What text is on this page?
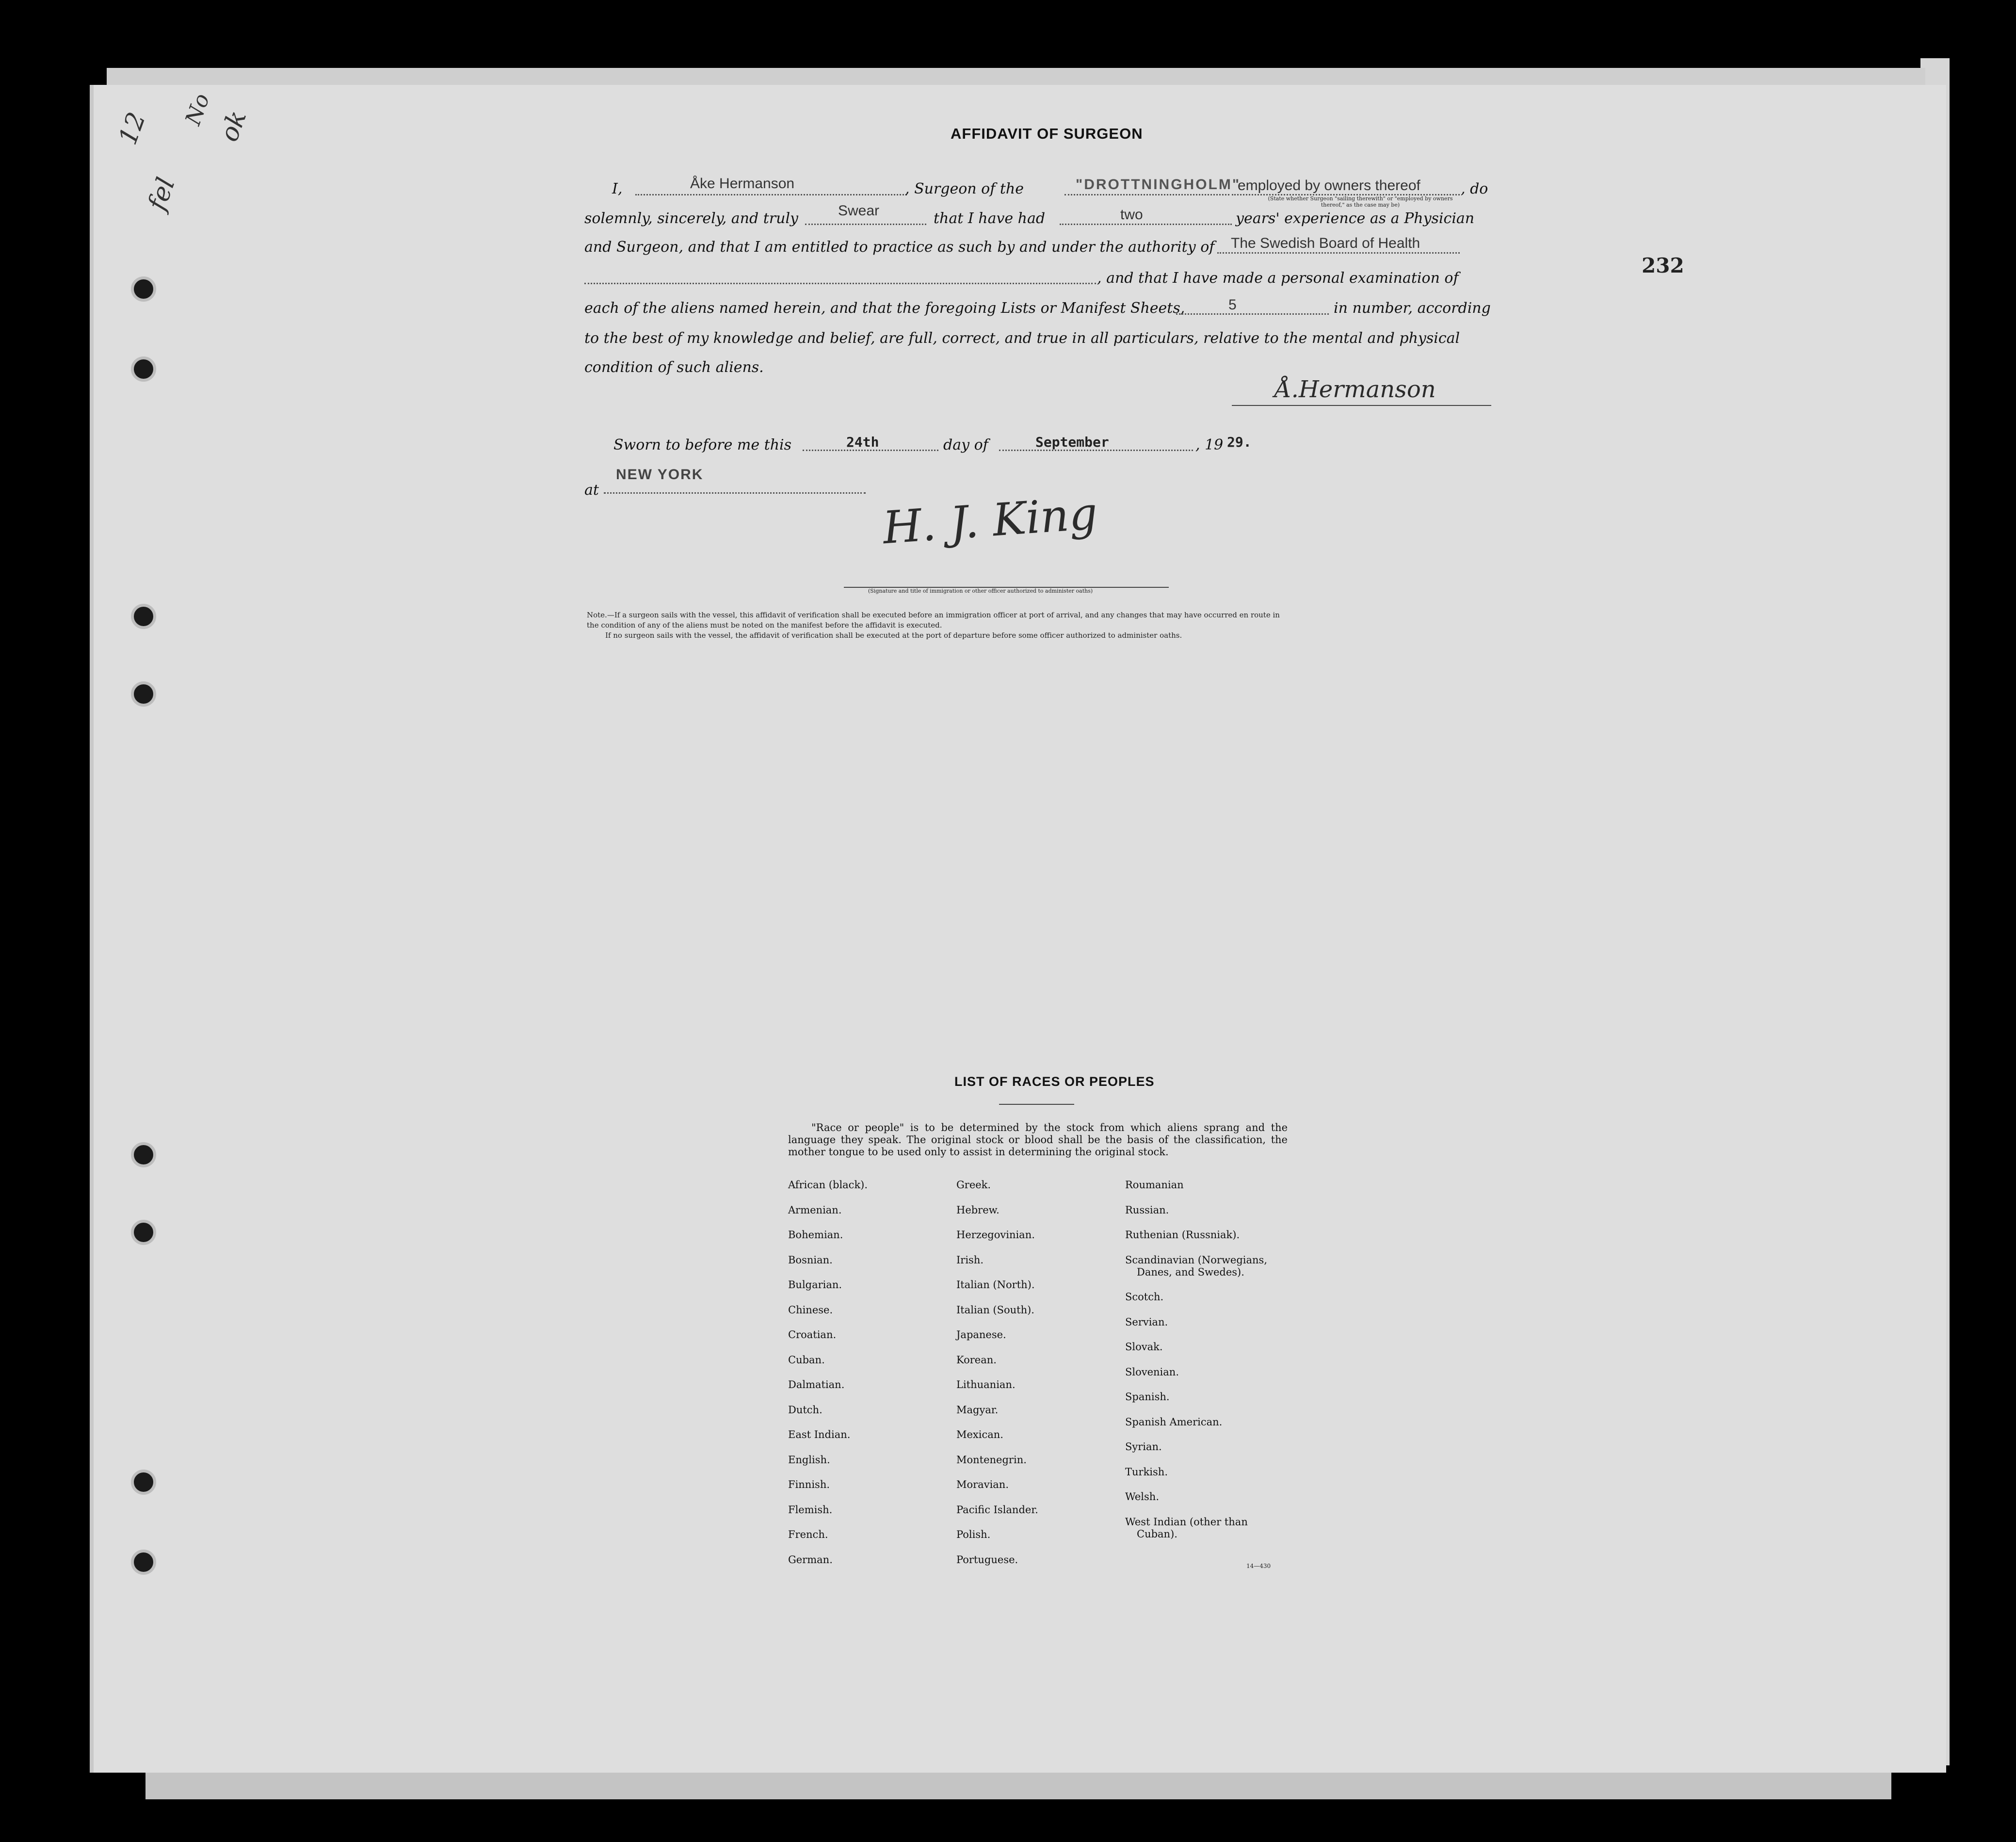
12 No ok
fel
232
AFFIDAVIT OF SURGEON
I,	Åke Hermanson	, Surgeon of the	"DROTTNINGHOLM"
employed by owners thereof	, do
(State whether Surgeon "sailing therewith" or "employed by owners thereof," as the case may be)
solemnly, sincerely, and truly	Swear	that I have had	two	years' experience as a Physician
and Surgeon, and that I am entitled to practice as such by and under the authority of The Swedish Board of Health
, and that I have made a personal examination of
each of the aliens named herein, and that the foregoing Lists or Manifest Sheets,	5	in number, according
to the best of my knowledge and belief, are full, correct, and true in all particulars, relative to the mental and physical
condition of such aliens.
Å.Hermanson
Sworn to before me this	24th	day of	September	, 19 29.
at
NEW YORK
H. J. King
(Signature and title of immigration or other officer authorized to administer oaths)
Note.—If a surgeon sails with the vessel, this affidavit of verification shall be executed before an immigration officer at port of arrival, and any changes that may have occurred en route in
the condition of any of the aliens must be noted on the manifest before the affidavit is executed.
If no surgeon sails with the vessel, the affidavit of verification shall be executed at the port of departure before some officer authorized to administer oaths.
LIST OF RACES OR PEOPLES
"Race or people" is to be determined by the stock from which aliens sprang and the language they speak. The original stock or blood shall be the basis of the classification, the mother tongue to be used only to assist in determining the original stock.
African (black).
Armenian.
Bohemian.
Bosnian.
Bulgarian.
Chinese.
Croatian.
Cuban.
Dalmatian.
Dutch.
East Indian.
English.
Finnish.
Flemish.
French.
German.
Greek.
Hebrew.
Herzegovinian.
Irish.
Italian (North).
Italian (South).
Japanese.
Korean.
Lithuanian.
Magyar.
Mexican.
Montenegrin.
Moravian.
Pacific Islander.
Polish.
Portuguese.
Roumanian
Russian.
Ruthenian (Russniak).
Scandinavian (Norwegians,
Danes, and Swedes).
Scotch.
Servian.
Slovak.
Slovenian.
Spanish.
Spanish American.
Syrian.
Turkish.
Welsh.
West Indian (other than
Cuban).
14—430
